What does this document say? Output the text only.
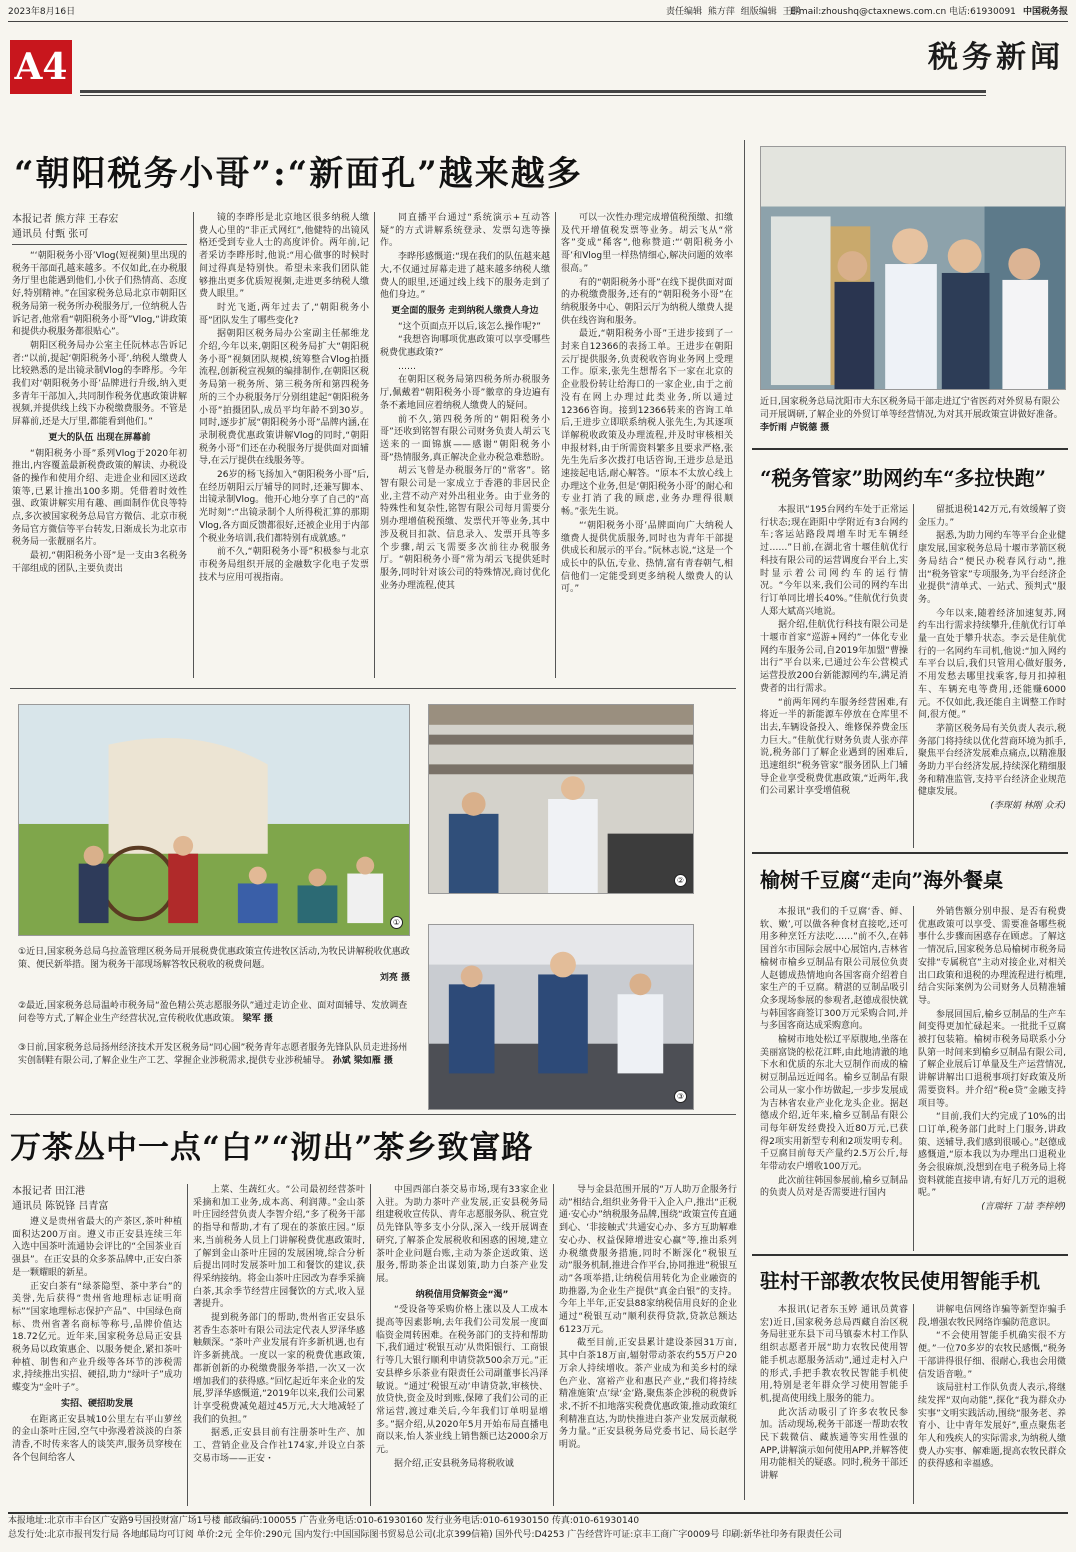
2023年8月16日	责任编辑 熊方萍 组版编辑 王鹏
E-mail:zhoushq@ctaxnews.com.cn 电话:61930091 中国税务报
A4	税务新闻
“朝阳税务小哥”:“新面孔”越来越多
本报记者 熊方萍 王春宏
通讯员 付甄 张可

“‘朝阳税务小哥’Vlog(短视频)里出现的税务干部面孔越来越多。不仅如此,在办税服务厅里也能遇到他们,小伙子们热情高、态度好,特别精神。”在国家税务总局北京市朝阳区税务局第一税务所办税服务厅,一位纳税人告诉记者,他常看“朝阳税务小哥”Vlog,“讲政策和提供办税服务都很贴心”。

朝阳区税务局办公室主任阮林志告诉记者:“以前,提起‘朝阳税务小哥’,纳税人缴费人比较熟悉的是出镜录制Vlog的李晔彤。今年我们对‘朝阳税务小哥’品牌进行升级,纳入更多青年干部加入,共同制作税务优惠政策讲解视频,并提供线上线下办税缴费服务。不管是屏幕前,还是大厅里,都能看到他们。”

更大的队伍 出现在屏幕前

“朝阳税务小哥”系列Vlog于2020年初推出,内容覆盖最新税费政策的解读、办税设备的操作和使用介绍、走进企业和园区送政策等,已累计推出100多期。凭借着时效性强、政策讲解实用有趣、画面制作优良等特点,多次被国家税务总局官方微信、北京市税务局官方微信等平台转发,日渐成长为北京市税务局一张靓丽名片。

最初,“朝阳税务小哥”是一支由3名税务干部组成的团队,主要负责出

镜的李晔彤是北京地区很多纳税人缴费人心里的“非正式网红”,他健特的出镜风格还受到专业人士的高度评价。两年前,记者采访李晔彤时,他说:“用心做事的时候时间过得真是特别快。希望未来我们团队能够推出更多优质短视频,走进更多纳税人缴费人眼里。”

时光飞逝,两年过去了,“朝阳税务小哥”团队发生了哪些变化?

据朝阳区税务局办公室副主任郝维龙介绍,今年以来,朝阳区税务局扩大“朝阳税务小哥”视频团队规模,统筹整合Vlog拍摄流程,创新税宣视频的编排制作,在朝阳区税务局第一税务所、第三税务所和第四税务所的三个办税服务厅分别组建起“朝阳税务小哥”拍摄团队,成员平均年龄不到30岁。同时,逐步扩展“朝阳税务小哥”品牌内涵,在录制税费优惠政策讲解Vlog的同时,“朝阳税务小哥”们还在办税服务厅提供面对面辅导,在云厅提供在线服务等。

26岁的杨飞扬加入“朝阳税务小哥”后,在经历朝阳云厅辅导的同时,还兼写脚本、出镜录制Vlog。他开心地分享了自己的“高光时刻”:“出镜录制个人所得税汇算的那期Vlog,各方面反馈都很好,还被企业用于内部个税业务培训,我们都特别有成就感。”

前不久,“朝阳税务小哥”积极参与北京市税务局组织开展的金融数字化电子发票技术与应用可视指南。

同直播平台通过“系统演示+互动答疑”的方式讲解系统登录、发票勾选等操作。

李晔彤感慨道:“现在我们的队伍越来越大,不仅通过屏幕走进了越来越多纳税人缴费人的眼里,还通过线上线下的服务走到了他们身边。”

更全面的服务 走到纳税人缴费人身边

“这个页面点开以后,该怎么操作呢?”

“我想咨询哪项优惠政策可以享受哪些税费优惠政策?”

……

在朝阳区税务局第四税务所办税服务厅,佩戴着“朝阳税务小哥”徽章的身边遍有条不紊地回应着纳税人缴费人的疑问。

前不久,第四税务所的“朝阳税务小哥”还收到铭智有限公司财务负责人胡云飞送来的一面锦旗——感谢“朝阳税务小哥”热情服务,真正解决企业办税急难愁盼。

胡云飞曾是办税服务厅的“常客”。铭智有限公司是一家成立于香港的非居民企业,主营不动产对外出租业务。由于业务的特殊性和复杂性,铭智有限公司每月需要分别办理增值税预缴、发票代开等业务,其中涉及税目扣款、信息录入、发票开具等多个步骤,胡云飞需要多次前往办税服务厅。“朝阳税务小哥”常为胡云飞提供延时服务,同时针对该公司的特殊情况,商讨优化业务办理流程,使其

可以一次性办理完成增值税预缴、扣缴及代开增值税发票等业务。胡云飞从“常客”变成“稀客”,他称赞道:“‘朝阳税务小哥’和Vlog里一样热情细心,解决问题的效率很高。”

有的“朝阳税务小哥”在线下提供面对面的办税缴费服务,还有的“朝阳税务小哥”在纳税服务中心、朝阳云厅为纳税人缴费人提供在线咨询和服务。

最近,“朝阳税务小哥”王进步接到了一封来自12366的表扬工单。王进步在朝阳云厅提供服务,负责税收咨询业务网上受理工作。原来,张先生想帮名下一家在北京的企业股份转让给海口的一家企业,由于之前没有在网上办理过此类业务,所以通过12366咨询。接到12366转来的咨询工单后,王进步立即联系纳税人张先生,为其逐项详解税收政策及办理流程,并及时审核相关申报材料,由于所需资料繁多且要求严格,张先生先后多次拨打电话咨询,王进步总是迅速接起电话,耐心解答。“原本不太放心线上办理这个业务,但是‘朝阳税务小哥’的耐心和专业打消了我的顾虑,业务办理得很顺畅。”张先生说。

“‘朝阳税务小哥’品牌面向广大纳税人缴费人提供优质服务,同时也为青年干部提供成长和展示的平台。”阮林志说,“这是一个成长中的队伍,专业、热情,富有青春朝气,相信他们一定能受到更多纳税人缴费人的认可。”

近日,国家税务总局沈阳市大东区税务局干部走进辽宁省医药对外贸易有限公司开展调研,了解企业的外贸订单等经营情况,为对其开展政策宣讲做好准备。 李忻雨 卢锐德 摄
“税务管家”助网约车“多拉快跑”

本报讯“195台网约车处于正常运行状态;现在距阳中学附近有3台网约车;客运站路段周增车时无车辆经过……”日前,在湖北省十堰佳航优行科技有限公司的运营调度台平台上,实时显示着公司网约车的运行情况。“今年以来,我们公司的网约车出行订单同比增长40%。”佳航优行负责人郑大斌高兴地说。

据介绍,佳航优行科技有限公司是十堰市首家“巡游+网约”一体化专业网约车服务公司,自2019年加盟“曹操出行”平台以来,已通过公车公营模式运营投放200台新能源网约车,满足消费者的出行需求。

“前两年网约车服务经营困难,有将近一半的新能源车停放在仓库里不出去,车辆设备投入、维修保养费金压力巨大。”佳航优行财务负责人张亦萍说,税务部门了解企业遇到的困难后,迅速组织“税务管家”服务团队上门辅导企业享受税费优惠政策,“近两年,我们公司累计享受增值税

留抵退税142万元,有效缓解了资金压力。”

据悉,为助力网约车等平台企业健康发展,国家税务总局十堰市茅箭区税务局结合“便民办税春风行动”,推出“税务管家”专项服务,为平台经济企业提供“清单式、一站式、预判式”服务。

今年以来,随着经济加速复苏,网约车出行需求持续攀升,佳航优行订单量一直处于攀升状态。李云是佳航优行的一名网约车司机,他说:“加入网约车平台以后,我们只管用心做好服务,不用发愁去哪里找乘客,每月扣掉租车、车辆充电等费用,还能赚6000元。不仅如此,我还能自主调整工作时间,很方便。”

茅箭区税务局有关负责人表示,税务部门将持续以优化营商环境为抓手,聚焦平台经济发展难点痛点,以精准服务助力平台经济发展,持续深化精细服务和精准监管,支持平台经济企业规范健康发展。

(李琛娟 林刚 众禾)

榆树千豆腐“走向”海外餐桌

本报讯“我们的千豆腐‘香、鲜、软、嫩’,可以做各种食材直接吃,还可用多种烹饪方法吃……”前不久,在韩国首尔市国际会展中心展馆内,吉林省榆树市榆乡豆制品有限公司展位负责人赵德成热情地向各国客商介绍着自家生产的千豆腐。精湛的豆制品吸引众多现场参展的参观者,赵德成很快就与韩国客商签订300万元采购合同,并与多国客商达成采购意向。

榆树市地处松辽平原腹地,坐落在美丽富饶的松花江畔,由此地清澈的地下水和优质的东北大豆制作而成的榆树豆制品远近闻名。榆乡豆制品有限公司从一家小作坊做起,一步步发展成为吉林省农业产业化龙头企业。据赵德成介绍,近年来,榆乡豆制品有限公司每年研发经费投入近80万元,已获得2项实用新型专利和2项发明专利。千豆腐目前每天产量约2.5万公斤,每年带动农户增收100万元。

此次前往韩国参展前,榆乡豆制品的负责人员对是否需要进行国内

外销售额分别申报、是否有税费优惠政策可以享受、需要准备哪些税事什么步骤而困惑存在顾虑。了解这一情况后,国家税务总局榆树市税务局安排“专属税官”主动对接企业,对相关出口政策和退税的办理流程进行梳理,结合实际案例为公司财务人员精准辅导。

参展回国后,榆乡豆制品的生产车间变得更加忙碌起来。一批批千豆腐被打包装箱。榆树市税务局联系小分队第一时间来到榆乡豆制品有限公司,了解企业展后订单量及生产运营情况,讲解讲解出口退税事项打好政策及所需要资料。并介绍“税e贷”金融支持项目等。

“目前,我们大约完成了10%的出口订单,税务部门此时上门服务,讲政策、送辅导,我们感到很暖心。”赵德成感慨道,“原本我以为办理出口退税业务会很麻烦,没想到在电子税务局上将资料就能直接申请,有好几万元的退税呢。”

(言瑞轩 丁喆 李梓婷)

驻村干部教农牧民使用智能手机

本报讯(记者东玉婷 通讯员黄睿宏)近日,国家税务总局西藏自治区税务局驻亚东县下司马镇泰木村工作队组织志愿者开展“助力农牧民使用智能手机志愿服务活动”,通过走村入户的形式,手把手教农牧民智能手机使用,特别是老年群众学习使用智能手机,提高使用线上服务的能力。

此次活动吸引了许多农牧民参加。活动现场,税务干部逐一帮助农牧民下载微信、藏族通等实用性强的APP,讲解演示如何使用APP,并解答使用功能相关的疑惑。同时,税务干部还讲解

讲解电信网络诈骗等新型诈骗手段,增强农牧民网络诈骗防范意识。

“不会使用智能手机确实很不方便。”一位70多岁的农牧民感慨,“税务干部讲得很仔细、很耐心,我也会用微信发语音啦。”

该局驻村工作队负责人表示,将继续发挥“双向动能”,探化“我为群众办实事”文明实践活动,围绕“服务老、养育小、让中青年发展好”,重点聚焦老年人和残疾人的实际需求,为纳税人缴费人办实事、解难题,提高农牧民群众的获得感和幸福感。

①
②
③
①近日,国家税务总局乌拉盖管理区税务局开展税费优惠政策宣传进牧区活动,为牧民讲解税收优惠政策、便民新举措。图为税务干部现场解答牧民税收的税费问题。
刘亮 摄
②最近,国家税务总局温岭市税务局“盈色精公英志愿服务队”通过走访企业、面对面辅导、发放调查问卷等方式,了解企业生产经营状况,宣传税收优惠政策。 梁军 摄
③日前,国家税务总局扬州经济技术开发区税务局“同心圆”税务青年志愿者服务先锋队队员走进扬州实创制鞋有限公司,了解企业生产工艺、掌握企业涉税需求,提供专业涉税辅导。 孙斌 梁如雁 摄
万茶丛中一点“白”“沏出”茶乡致富路
本报记者 田江港
通讯员 陈锐锋 吕青富

遵义是贵州省最大的产茶区,茶叶种植面积达200万亩。遵义市正安县连续三年入选中国茶叶流通协会评比的“全国茶业百强县”。在正安县的众多茶品牌中,正安白茶是一颗耀眼的新星。

正安白茶有“绿茶隐型、茶中茅台”的美誉,先后获得“贵州省地理标志证明商标”“国家地理标志保护产品”、中国绿色商标、贵州省著名商标等称号,品牌价值达18.72亿元。近年来,国家税务总局正安县税务局以政策惠企、以服务便企,紧扣茶叶种植、制售和产业升级等各环节的涉税需求,持续推出实招、硬招,助力“绿叶子”成功蝶变为“金叶子”。

实招、硬招助发展

在距离正安县城10公里左右平山萝丝的金山茶叶庄园,空气中弥漫着淡淡的白茶清香,不时传来客人的谈笑声,服务员穿梭在各个包间给客人

上菜、生蔬红火。“公司最初经营茶叶采摘和加工业务,成本高、利润薄。”金山茶叶庄园经营负责人李智介绍,“多了税务干部的指导和帮助,才有了现在的茶旅庄园。”原来,当前税务人员上门讲解税费优惠政策时,了解到金山茶叶庄园的发展困境,综合分析后提出同时发展茶叶加工和餐饮的建议,获得采纳接纳。将金山茶叶庄园改为春季采摘白茶,其余季节经营庄园餐饮的方式,收入显著提升。

提到税务部门的帮助,贵州省正安县乐茗香生态茶叶有限公司法定代表人罗泽华感触颇深。“茶叶产业发展有许多新机遇,也有许多新挑战。一度以一家的税费优惠政策,都新创新的办税缴费服务举措,一次又一次增加我们的获得感。”回忆起近年来企业的发展,罗泽华感慨道,“2019年以来,我们公司累计享受税费减免超过45万元,大大地减轻了我们的负担。”

据悉,正安县目前有注册茶叶生产、加工、营销企业及合作社174家,并设立白茶交易市场——正安・

中国西部白茶交易市场,现有33家企业入驻。为助力茶叶产业发展,正安县税务局组建税收宣传队、青年志愿服务队、税宣党员先锋队等多支小分队,深入一线开展调查研究,了解茶企发展税收和困惑的困境,建立茶叶企业问题台账,主动为茶企送政策、送服务,帮助茶企出谋划策,助力白茶产业发展。

纳税信用贷解资金“渴”

“受设备等采购价格上涨以及人工成本提高等因素影响,去年我们公司发展一度面临资金周转困难。在税务部门的支持和帮助下,我们通过‘税银互动’从贵阳银行、工商银行等几大银行顺利申请贷款500余万元。”正安县桦乡乐茶业有限责任公司副董事长冯泽敏说。“通过‘税银互动’申请贷款,审核快、放贷快,资金及时到账,保障了我们公司的正常运营,渡过难关后,今年我们订单明显增多。”据介绍,从2020年5月开始布局直播电商以来,怡人茶业线上销售额已达2000余万元。

据介绍,正安县税务局将税收诚

导与金县范围开展的“万人助万企服务行动”相结合,组织业务骨干入企入户,推出“正税通·安心办”纳税服务品牌,围绕“政策宣传直通到心、‘非接触式’共通安心办、多方互助解难安心办、权益保障增进安心赢”等,推出系列办税缴费服务措施,同时不断深化“税银互动”服务机制,推进合作平台,协同推进“税银互动”各项举措,让纳税信用转化为企业融资的助推器,为企业生产提供“真金白银”的支持。今年上半年,正安县88家纳税信用良好的企业通过“税银互动”顺利获得贷款,贷款总额达6123万元。

截至目前,正安县累计建设茶园31万亩,其中白茶18万亩,辐射带动茶农约55万户20万余人持续增收。茶产业成为和美乡村的绿色产业、富裕产业和惠民产业,“我们将持续精准施策‘点’绿‘金’路,聚焦茶企涉税的税费诉求,不折不扣地落实税费优惠政策,推动政策红利精准直达,为助快推进白茶产业发展贡献税务力量。”正安县税务局党委书记、局长赵学明说。

本报地址:北京市丰台区广安路9号国投财富广场1号楼 邮政编码:100055 广告业务电话:010-61930160 发行业务电话:010-61930150 传真:010-61930140
总发行处:北京市报刊发行局 各地邮局均可订阅 单价:2元 全年价:290元 国内发行:中国国际图书贸易总公司(北京399信箱) 国外代号:D4253 广告经营许可证:京丰工商广字0009号 印刷:新华社印务有限责任公司
